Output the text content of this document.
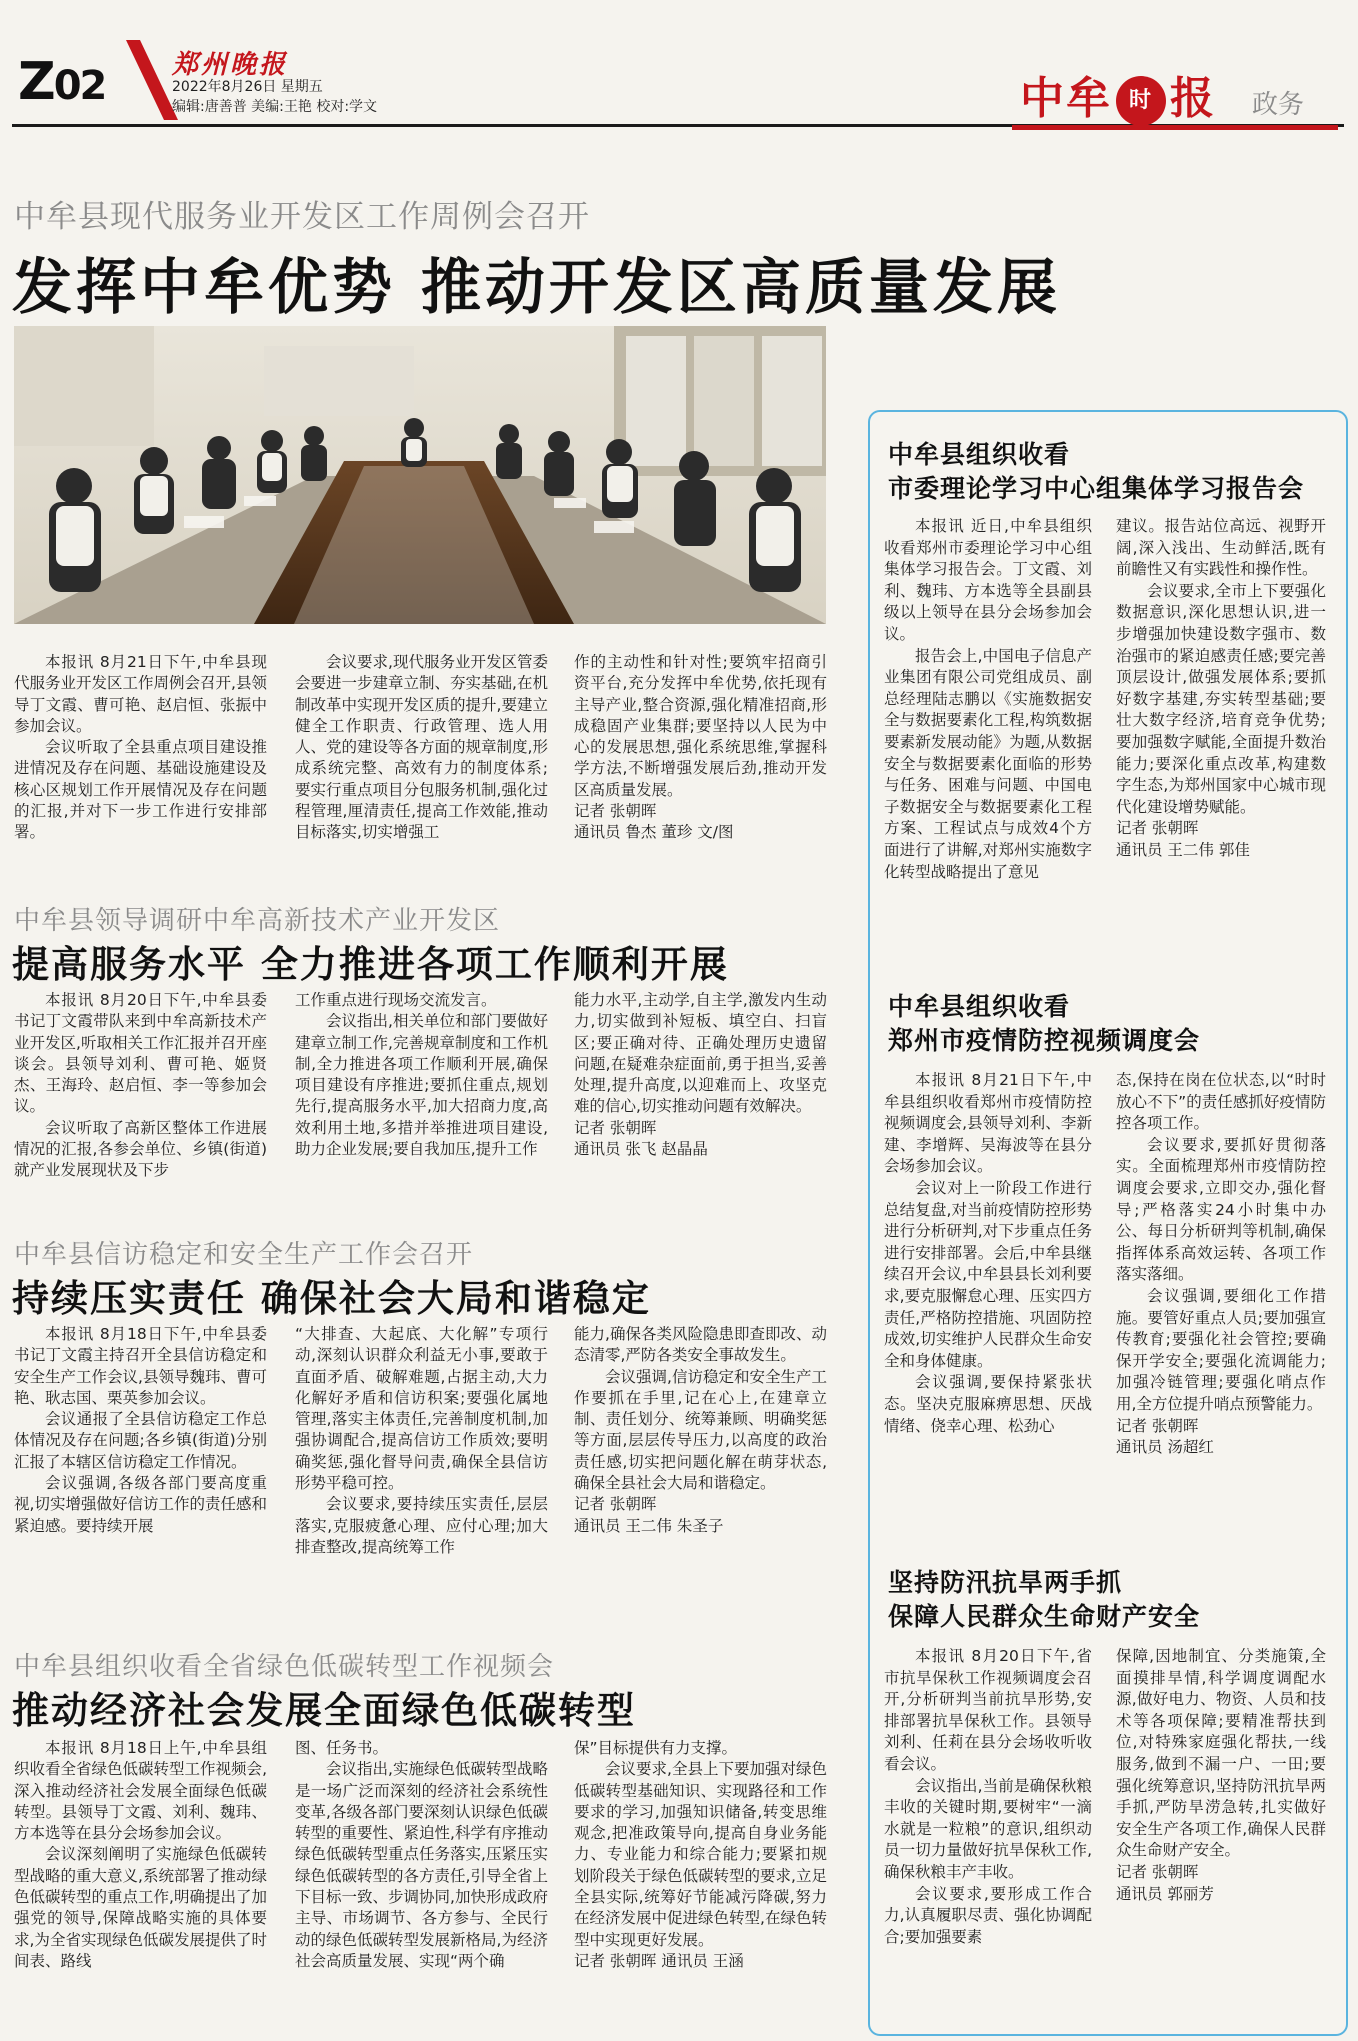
Z02	郑州晚报
2022年8月26日 星期五
编辑:唐善普 美编:王艳 校对:学文	中牟 时 报 政务
中牟县现代服务业开发区工作周例会召开
发挥中牟优势 推动开发区高质量发展

本报讯 8月21日下午,中牟县现代服务业开发区工作周例会召开,县领导丁文霞、曹可艳、赵启恒、张振中参加会议。

会议听取了全县重点项目建设推进情况及存在问题、基础设施建设及核心区规划工作开展情况及存在问题的汇报,并对下一步工作进行安排部署。

会议要求,现代服务业开发区管委会要进一步建章立制、夯实基础,在机制改革中实现开发区质的提升,要建立健全工作职责、行政管理、选人用人、党的建设等各方面的规章制度,形成系统完整、高效有力的制度体系;要实行重点项目分包服务机制,强化过程管理,厘清责任,提高工作效能,推动目标落实,切实增强工

作的主动性和针对性;要筑牢招商引资平台,充分发挥中牟优势,依托现有主导产业,整合资源,强化精准招商,形成稳固产业集群;要坚持以人民为中心的发展思想,强化系统思维,掌握科学方法,不断增强发展后劲,推动开发区高质量发展。

记者 张朝晖
通讯员 鲁杰 董珍 文/图
中牟县领导调研中牟高新技术产业开发区
提高服务水平 全力推进各项工作顺利开展

本报讯 8月20日下午,中牟县委书记丁文霞带队来到中牟高新技术产业开发区,听取相关工作汇报并召开座谈会。县领导刘利、曹可艳、姬贤杰、王海玲、赵启恒、李一等参加会议。

会议听取了高新区整体工作进展情况的汇报,各参会单位、乡镇(街道)就产业发展现状及下步

工作重点进行现场交流发言。

会议指出,相关单位和部门要做好建章立制工作,完善规章制度和工作机制,全力推进各项工作顺利开展,确保项目建设有序推进;要抓住重点,规划先行,提高服务水平,加大招商力度,高效利用土地,多措并举推进项目建设,助力企业发展;要自我加压,提升工作

能力水平,主动学,自主学,激发内生动力,切实做到补短板、填空白、扫盲区;要正确对待、正确处理历史遗留问题,在疑难杂症面前,勇于担当,妥善处理,提升高度,以迎难而上、攻坚克难的信心,切实推动问题有效解决。

记者 张朝晖
通讯员 张飞 赵晶晶
中牟县信访稳定和安全生产工作会召开
持续压实责任 确保社会大局和谐稳定

本报讯 8月18日下午,中牟县委书记丁文霞主持召开全县信访稳定和安全生产工作会议,县领导魏玮、曹可艳、耿志国、栗英参加会议。

会议通报了全县信访稳定工作总体情况及存在问题;各乡镇(街道)分别汇报了本辖区信访稳定工作情况。

会议强调,各级各部门要高度重视,切实增强做好信访工作的责任感和紧迫感。要持续开展

“大排查、大起底、大化解”专项行动,深刻认识群众利益无小事,要敢于直面矛盾、破解难题,占据主动,大力化解好矛盾和信访积案;要强化属地管理,落实主体责任,完善制度机制,加强协调配合,提高信访工作质效;要明确奖惩,强化督导问责,确保全县信访形势平稳可控。

会议要求,要持续压实责任,层层落实,克服疲惫心理、应付心理;加大排查整改,提高统筹工作

能力,确保各类风险隐患即查即改、动态清零,严防各类安全事故发生。

会议强调,信访稳定和安全生产工作要抓在手里,记在心上,在建章立制、责任划分、统筹兼顾、明确奖惩等方面,层层传导压力,以高度的政治责任感,切实把问题化解在萌芽状态,确保全县社会大局和谐稳定。

记者 张朝晖
通讯员 王二伟 朱圣子
中牟县组织收看全省绿色低碳转型工作视频会
推动经济社会发展全面绿色低碳转型

本报讯 8月18日上午,中牟县组织收看全省绿色低碳转型工作视频会,深入推动经济社会发展全面绿色低碳转型。县领导丁文霞、刘利、魏玮、方本选等在县分会场参加会议。

会议深刻阐明了实施绿色低碳转型战略的重大意义,系统部署了推动绿色低碳转型的重点工作,明确提出了加强党的领导,保障战略实施的具体要求,为全省实现绿色低碳发展提供了时间表、路线

图、任务书。

会议指出,实施绿色低碳转型战略是一场广泛而深刻的经济社会系统性变革,各级各部门要深刻认识绿色低碳转型的重要性、紧迫性,科学有序推动绿色低碳转型重点任务落实,压紧压实绿色低碳转型的各方责任,引导全省上下目标一致、步调协同,加快形成政府主导、市场调节、各方参与、全民行动的绿色低碳转型发展新格局,为经济社会高质量发展、实现“两个确

保”目标提供有力支撑。

会议要求,全县上下要加强对绿色低碳转型基础知识、实现路径和工作要求的学习,加强知识储备,转变思维观念,把准政策导向,提高自身业务能力、专业能力和综合能力;要紧扣规划阶段关于绿色低碳转型的要求,立足全县实际,统筹好节能减污降碳,努力在经济发展中促进绿色转型,在绿色转型中实现更好发展。

记者 张朝晖 通讯员 王涵
中牟县组织收看
市委理论学习中心组集体学习报告会

本报讯 近日,中牟县组织收看郑州市委理论学习中心组集体学习报告会。丁文霞、刘利、魏玮、方本选等全县副县级以上领导在县分会场参加会议。

报告会上,中国电子信息产业集团有限公司党组成员、副总经理陆志鹏以《实施数据安全与数据要素化工程,构筑数据要素新发展动能》为题,从数据安全与数据要素化面临的形势与任务、困难与问题、中国电子数据安全与数据要素化工程方案、工程试点与成效4个方面进行了讲解,对郑州实施数字化转型战略提出了意见

建议。报告站位高远、视野开阔,深入浅出、生动鲜活,既有前瞻性又有实践性和操作性。

会议要求,全市上下要强化数据意识,深化思想认识,进一步增强加快建设数字强市、数治强市的紧迫感责任感;要完善顶层设计,做强发展体系;要抓好数字基建,夯实转型基础;要壮大数字经济,培育竞争优势;要加强数字赋能,全面提升数治能力;要深化重点改革,构建数字生态,为郑州国家中心城市现代化建设增势赋能。

记者 张朝晖
通讯员 王二伟 郭佳
中牟县组织收看
郑州市疫情防控视频调度会

本报讯 8月21日下午,中牟县组织收看郑州市疫情防控视频调度会,县领导刘利、李新建、李增辉、吴海波等在县分会场参加会议。

会议对上一阶段工作进行总结复盘,对当前疫情防控形势进行分析研判,对下步重点任务进行安排部署。会后,中牟县继续召开会议,中牟县县长刘利要求,要克服懈怠心理、压实四方责任,严格防控措施、巩固防控成效,切实维护人民群众生命安全和身体健康。

会议强调,要保持紧张状态。坚决克服麻痹思想、厌战情绪、侥幸心理、松劲心

态,保持在岗在位状态,以“时时放心不下”的责任感抓好疫情防控各项工作。

会议要求,要抓好贯彻落实。全面梳理郑州市疫情防控调度会要求,立即交办,强化督导;严格落实24小时集中办公、每日分析研判等机制,确保指挥体系高效运转、各项工作落实落细。

会议强调,要细化工作措施。要管好重点人员;要加强宣传教育;要强化社会管控;要确保开学安全;要强化流调能力;加强冷链管理;要强化哨点作用,全方位提升哨点预警能力。

记者 张朝晖
通讯员 汤超红
坚持防汛抗旱两手抓
保障人民群众生命财产安全

本报讯 8月20日下午,省市抗旱保秋工作视频调度会召开,分析研判当前抗旱形势,安排部署抗旱保秋工作。县领导刘利、任莉在县分会场收听收看会议。

会议指出,当前是确保秋粮丰收的关键时期,要树牢“一滴水就是一粒粮”的意识,组织动员一切力量做好抗旱保秋工作,确保秋粮丰产丰收。

会议要求,要形成工作合力,认真履职尽责、强化协调配合;要加强要素

保障,因地制宜、分类施策,全面摸排旱情,科学调度调配水源,做好电力、物资、人员和技术等各项保障;要精准帮扶到位,对特殊家庭强化帮扶,一线服务,做到不漏一户、一田;要强化统筹意识,坚持防汛抗旱两手抓,严防旱涝急转,扎实做好安全生产各项工作,确保人民群众生命财产安全。

记者 张朝晖
通讯员 郭丽芳
